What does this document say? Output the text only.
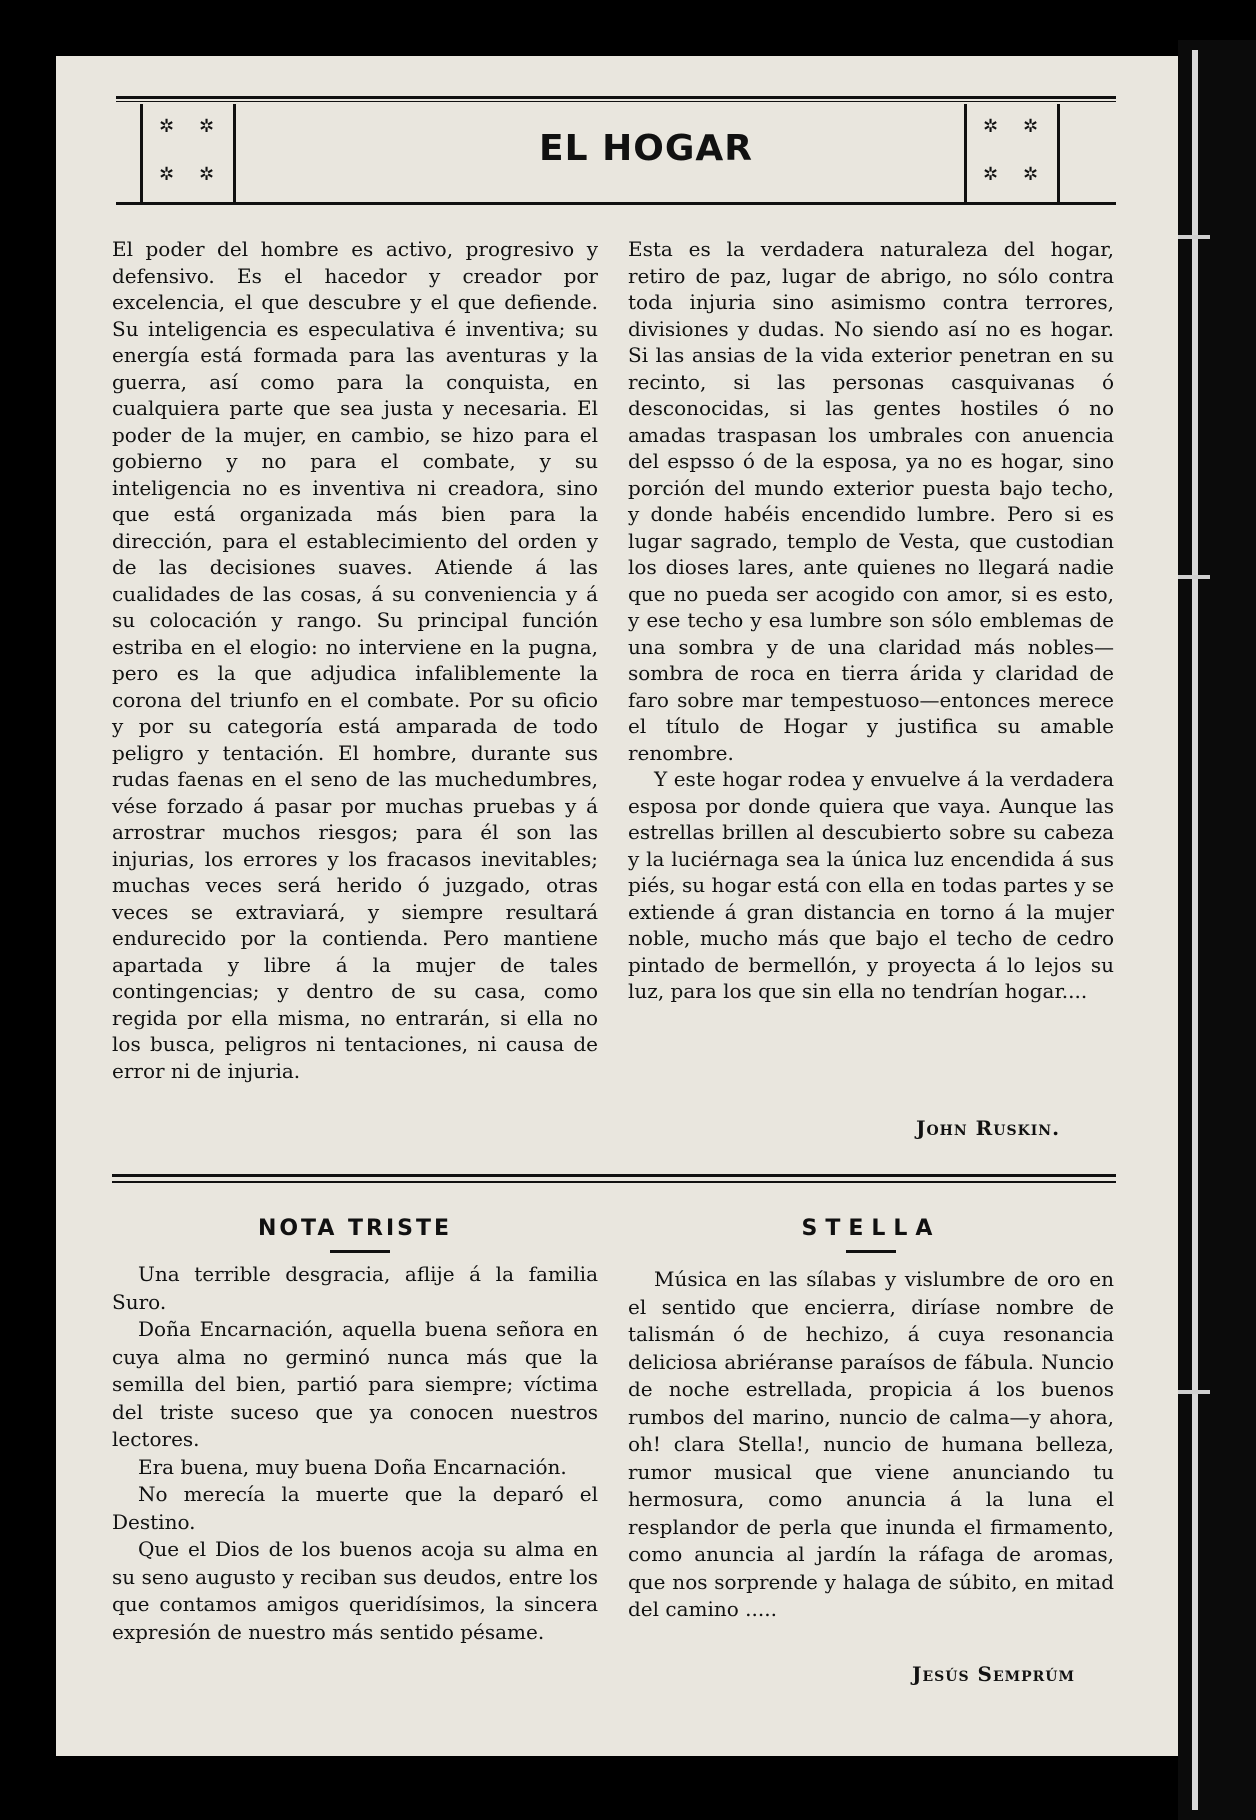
✲ ✲
✲ ✲
✲ ✲
✲ ✲
EL HOGAR

El poder del hombre es activo, progresivo y defensivo. Es el hacedor y creador por excelencia, el que descubre y el que defiende. Su inteligencia es especulativa é inventiva; su energía está formada para las aventuras y la guerra, así como para la conquista, en cualquiera parte que sea justa y necesaria. El poder de la mujer, en cambio, se hizo para el gobierno y no para el combate, y su inteligencia no es inventiva ni creadora, sino que está organizada más bien para la dirección, para el establecimiento del orden y de las decisiones suaves. Atiende á las cualidades de las cosas, á su conveniencia y á su colocación y rango. Su principal función estriba en el elogio: no interviene en la pugna, pero es la que adjudica infaliblemente la corona del triunfo en el combate. Por su oficio y por su categoría está amparada de todo peligro y tentación. El hombre, durante sus rudas faenas en el seno de las muchedumbres, vése forzado á pasar por muchas pruebas y á arrostrar muchos riesgos; para él son las injurias, los errores y los fracasos inevitables; muchas veces será herido ó juzgado, otras veces se extraviará, y siempre resultará endurecido por la contienda. Pero mantiene apartada y libre á la mujer de tales contingencias; y dentro de su casa, como regida por ella misma, no entrarán, si ella no los busca, peligros ni tentaciones, ni causa de error ni de injuria.

Esta es la verdadera naturaleza del hogar, retiro de paz, lugar de abrigo, no sólo contra toda injuria sino asimismo contra terrores, divisiones y dudas. No siendo así no es hogar. Si las ansias de la vida exterior penetran en su recinto, si las personas casquivanas ó desconocidas, si las gentes hostiles ó no amadas traspasan los umbrales con anuencia del espsso ó de la esposa, ya no es hogar, sino porción del mundo exterior puesta bajo techo, y donde habéis encendido lumbre. Pero si es lugar sagrado, templo de Vesta, que custodian los dioses lares, ante quienes no llegará nadie que no pueda ser acogido con amor, si es esto, y ese techo y esa lumbre son sólo emblemas de una sombra y de una claridad más nobles—sombra de roca en tierra árida y claridad de faro sobre mar tempestuoso—entonces merece el título de Hogar y justifica su amable renombre.

Y este hogar rodea y envuelve á la verdadera esposa por donde quiera que vaya. Aunque las estrellas brillen al descubierto sobre su cabeza y la luciérnaga sea la única luz encendida á sus piés, su hogar está con ella en todas partes y se extiende á gran distancia en torno á la mujer noble, mucho más que bajo el techo de cedro pintado de bermellón, y proyecta á lo lejos su luz, para los que sin ella no tendrían hogar....

John Ruskin.
NOTA TRISTE

Una terrible desgracia, aflije á la familia Suro.

Doña Encarnación, aquella buena señora en cuya alma no germinó nunca más que la semilla del bien, partió para siempre; víctima del triste suceso que ya conocen nuestros lectores.

Era buena, muy buena Doña Encarnación.

No merecía la muerte que la deparó el Destino.

Que el Dios de los buenos acoja su alma en su seno augusto y reciban sus deudos, entre los que contamos amigos queridísimos, la sincera expresión de nuestro más sentido pésame.

STELLA

Música en las sílabas y vislumbre de oro en el sentido que encierra, diríase nombre de talismán ó de hechizo, á cuya resonancia deliciosa abriéranse paraísos de fábula. Nuncio de noche estrellada, propicia á los buenos rumbos del marino, nuncio de calma—y ahora, oh! clara Stella!, nuncio de humana belleza, rumor musical que viene anunciando tu hermosura, como anuncia á la luna el resplandor de perla que inunda el firmamento, como anuncia al jardín la ráfaga de aromas, que nos sorprende y halaga de súbito, en mitad del camino .....

Jesús Semprúm
